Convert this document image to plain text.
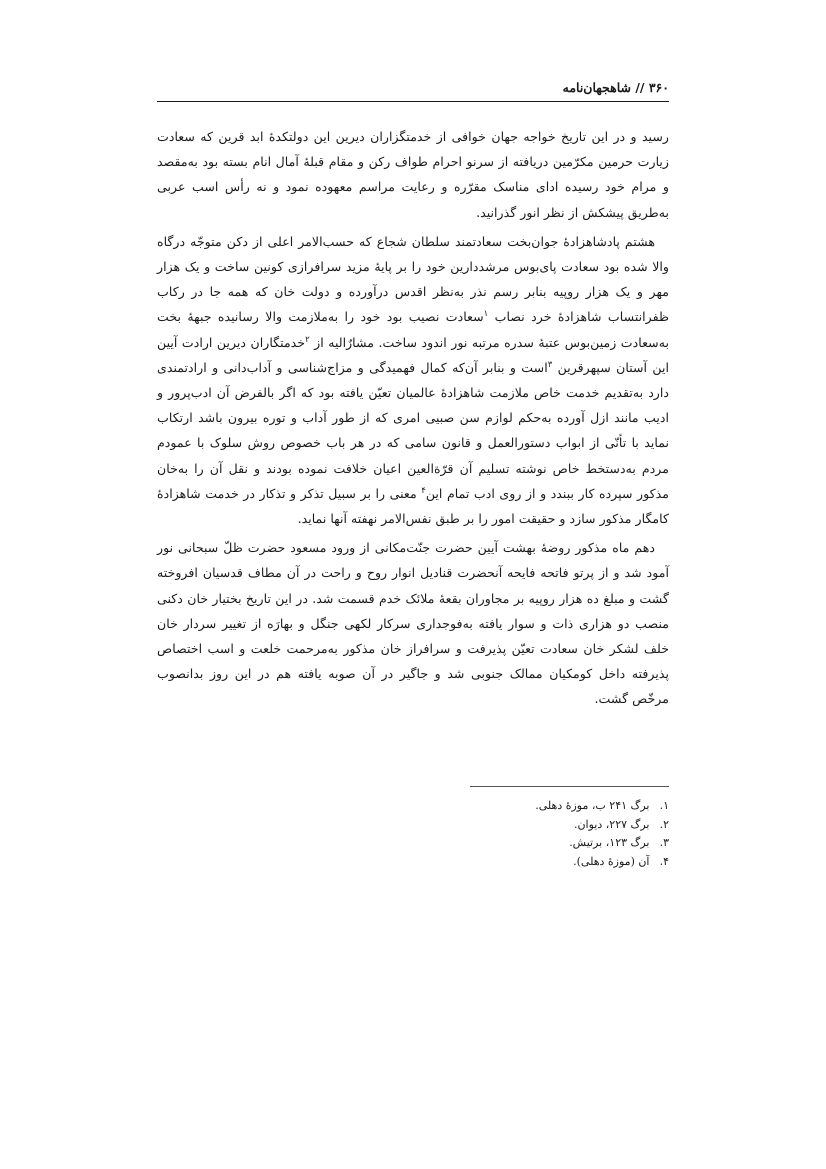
۳۶۰ // شاهجهان‌نامه

رسید و در این تاریخ خواجه جهان خوافی از خدمتگزاران دیرین این دولتکدهٔ ابد قرین که سعادت زیارت حرمین مکرّمین دریافته از سرنو احرام طواف رکن و مقام قبلهٔ آمال انام بسته بود به‌مقصد و مرام خود رسیده ادای مناسک مقرّره و رعایت مراسم معهوده نمود و نه رأس اسب عربی به‌طریق پیشکش از نظر انور گذرانید.

هشتم پادشاهزادهٔ جوان‌بخت سعادتمند سلطان شجاع که حسب‌الامر اعلی از دکن متوجّه درگاه والا شده بود سعادت پای‌بوس مرشددارین خود را بر پایهٔ مزید سرافرازی کونین ساخت و یک هزار مهر و یک هزار روپیه بنابر رسم نذر به‌نظر اقدس درآورده و دولت خان که همه جا در رکاب ظفرانتساب شاهزادهٔ خرد نصاب $^۱$سعادت نصیب بود خود را به‌ملازمت والا رسانیده جبههٔ بخت به‌سعادت زمین‌بوس عتبهٔ سدره مرتبه نور اندود ساخت. مشارٌالیه از $^۲$خدمتگاران دیرین ارادت آیین این آستان سپهرقرین $^۳$است و بنابر آن‌که کمال فهمیدگی و مزاج‌شناسی و آداب‌دانی و ارادتمندی دارد به‌تقدیم خدمت خاص ملازمت شاهزادهٔ عالمیان تعیّن یافته بود که اگر بالفرض آن ادب‌پرور و ادیب مانند ازل آورده به‌حکم لوازم سن صبیی امری که از طور آداب و توره بیرون باشد ارتکاب نماید با تأنّی از ابواب دستورالعمل و قانون سامی که در هر باب خصوص روش سلوک با عمودم مردم به‌دستخط خاص نوشته تسلیم آن قرّةالعین اعیان خلافت نموده بودند و نقل آن را به‌خان مذکور سپرده کار ببندد و از روی ادب تمام این$^۴$ معنی را بر سبیل تذکر و تذکار در خدمت شاهزادهٔ کامگار مذکور سازد و حقیقت امور را بر طبق نفس‌الامر نهفته آنها نماید.

دهم ماه مذکور روضهٔ بهشت آیین حضرت جنّت‌مکانی از ورود مسعود حضرت ظلّ سبحانی نور آمود شد و از پرتو فاتحه فایحه آنحضرت قنادیل انوار روح و راحت در آن مطاف قدسیان افروخته گشت و مبلغ ده هزار روپیه بر مجاوران بقعهٔ ملائک خدم قسمت شد. در این تاریخ بختیار خان دکنی منصب دو هزاری ذات و سوار یافته به‌فوجداری سرکار لکهی جنگل و بهارَه از تغییر سردار خان خلف لشکر خان سعادت تعیّن پذیرفت و سرافراز خان مذکور به‌مرحمت خلعت و اسب اختصاص پذیرفته داخل کومکیان ممالک جنوبی شد و جاگیر در آن صوبه یافته هم در این روز بدانصوب مرخّص گشت.

۱. برگ ۲۴۱ ب، موزهٔ دهلی.
۲. برگ ۲۲۷، دیوان.
۳. برگ ۱۲۳، برتیش.
۴. آن (موزهٔ دهلی).
